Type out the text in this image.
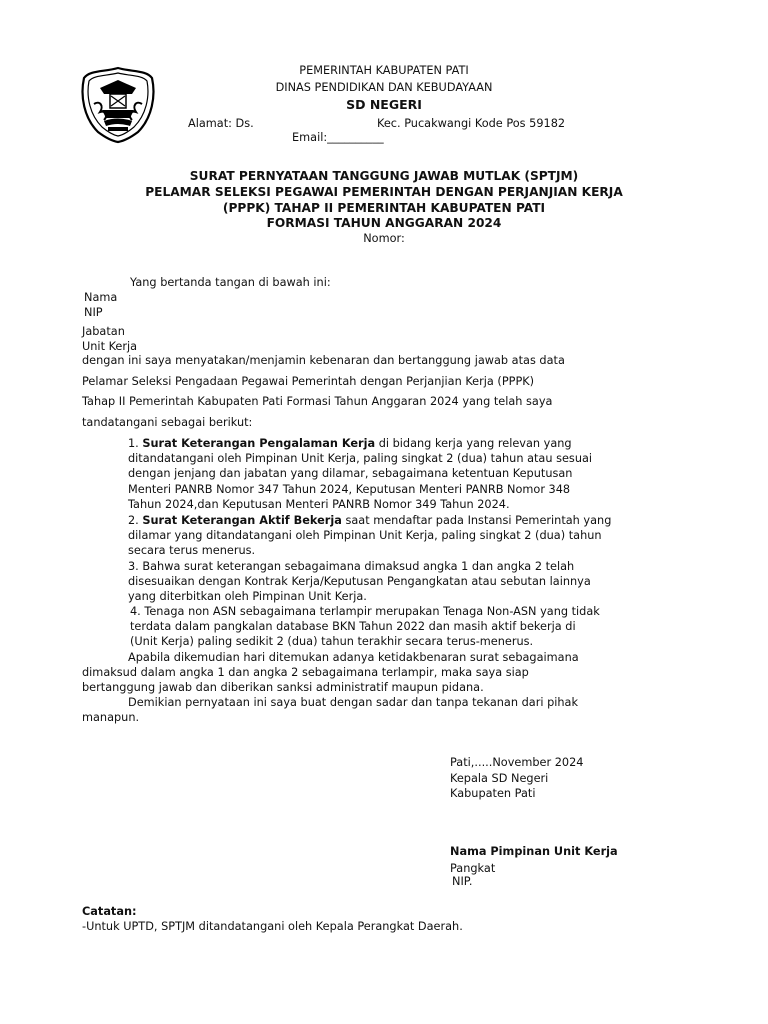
PEMERINTAH KABUPATEN PATI
DINAS PENDIDIKAN DAN KEBUDAYAAN
SD NEGERI
Alamat: Ds.	Kec. Pucakwangi Kode Pos 59182
Email:__________
SURAT PERNYATAAN TANGGUNG JAWAB MUTLAK (SPTJM)
PELAMAR SELEKSI PEGAWAI PEMERINTAH DENGAN PERJANJIAN KERJA
(PPPK) TAHAP II PEMERINTAH KABUPATEN PATI
FORMASI TAHUN ANGGARAN 2024
Nomor:
Yang bertanda tangan di bawah ini:
Nama
NIP
Jabatan
Unit Kerja
dengan ini saya menyatakan/menjamin kebenaran dan bertanggung jawab atas data
Pelamar Seleksi Pengadaan Pegawai Pemerintah dengan Perjanjian Kerja (PPPK)
Tahap II Pemerintah Kabupaten Pati Formasi Tahun Anggaran 2024 yang telah saya
tandatangani sebagai berikut:
1. Surat Keterangan Pengalaman Kerja di bidang kerja yang relevan yang
ditandatangani oleh Pimpinan Unit Kerja, paling singkat 2 (dua) tahun atau sesuai
dengan jenjang dan jabatan yang dilamar, sebagaimana ketentuan Keputusan
Menteri PANRB Nomor 347 Tahun 2024, Keputusan Menteri PANRB Nomor 348
Tahun 2024,dan Keputusan Menteri PANRB Nomor 349 Tahun 2024.
2. Surat Keterangan Aktif Bekerja saat mendaftar pada Instansi Pemerintah yang
dilamar yang ditandatangani oleh Pimpinan Unit Kerja, paling singkat 2 (dua) tahun
secara terus menerus.
3. Bahwa surat keterangan sebagaimana dimaksud angka 1 dan angka 2 telah
disesuaikan dengan Kontrak Kerja/Keputusan Pengangkatan atau sebutan lainnya
yang diterbitkan oleh Pimpinan Unit Kerja.
4. Tenaga non ASN sebagaimana terlampir merupakan Tenaga Non-ASN yang tidak
terdata dalam pangkalan database BKN Tahun 2022 dan masih aktif bekerja di
(Unit Kerja) paling sedikit 2 (dua) tahun terakhir secara terus-menerus.
Apabila dikemudian hari ditemukan adanya ketidakbenaran surat sebagaimana
dimaksud dalam angka 1 dan angka 2 sebagaimana terlampir, maka saya siap
bertanggung jawab dan diberikan sanksi administratif maupun pidana.
Demikian pernyataan ini saya buat dengan sadar dan tanpa tekanan dari pihak
manapun.
Pati,.....November 2024
Kepala SD Negeri
Kabupaten Pati
Nama Pimpinan Unit Kerja
Pangkat
NIP.
Catatan:
-Untuk UPTD, SPTJM ditandatangani oleh Kepala Perangkat Daerah.
